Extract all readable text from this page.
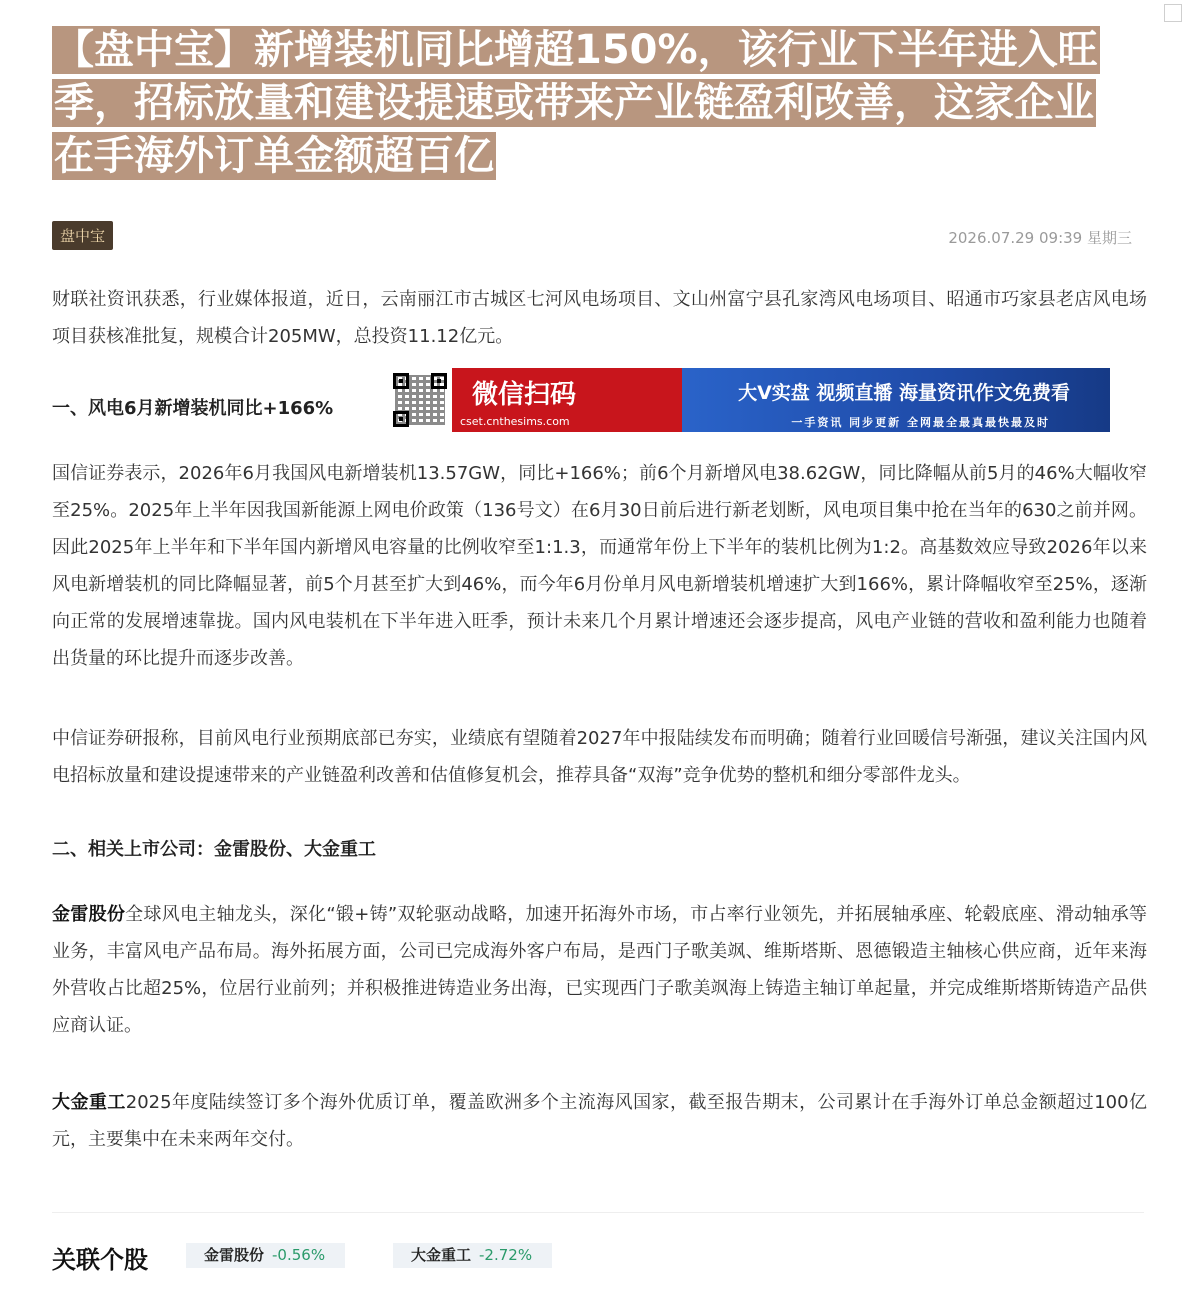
【盘中宝】新增装机同比增超150%，该行业下半年进入旺
季，招标放量和建设提速或带来产业链盈利改善，这家企业
在手海外订单金额超百亿
盘中宝	2026.07.29 09:39 星期三
财联社资讯获悉，行业媒体报道，近日，云南丽江市古城区七河风电场项目、文山州富宁县孔家湾风电场项目、昭通市巧家县老店风电场项目获核准批复，规模合计205MW，总投资11.12亿元。
一、风电6月新增装机同比+166%	微信扫码
cset.cnthesims.com
大V实盘 视频直播 海量资讯作文免费看
一手资讯 同步更新 全网最全最真最快最及时
国信证券表示，2026年6月我国风电新增装机13.57GW，同比+166%；前6个月新增风电38.62GW，同比降幅从前5月的46%大幅收窄至25%。2025年上半年因我国新能源上网电价政策（136号文）在6月30日前后进行新老划断，风电项目集中抢在当年的630之前并网。因此2025年上半年和下半年国内新增风电容量的比例收窄至1:1.3，而通常年份上下半年的装机比例为1:2。高基数效应导致2026年以来风电新增装机的同比降幅显著，前5个月甚至扩大到46%，而今年6月份单月风电新增装机增速扩大到166%，累计降幅收窄至25%，逐渐向正常的发展增速靠拢。国内风电装机在下半年进入旺季，预计未来几个月累计增速还会逐步提高，风电产业链的营收和盈利能力也随着出货量的环比提升而逐步改善。
中信证券研报称，目前风电行业预期底部已夯实，业绩底有望随着2027年中报陆续发布而明确；随着行业回暖信号渐强，建议关注国内风电招标放量和建设提速带来的产业链盈利改善和估值修复机会，推荐具备“双海”竞争优势的整机和细分零部件龙头。
二、相关上市公司：金雷股份、大金重工
金雷股份全球风电主轴龙头，深化“锻+铸”双轮驱动战略，加速开拓海外市场，市占率行业领先，并拓展轴承座、轮毂底座、滑动轴承等业务，丰富风电产品布局。海外拓展方面，公司已完成海外客户布局，是西门子歌美飒、维斯塔斯、恩德锻造主轴核心供应商，近年来海外营收占比超25%，位居行业前列；并积极推进铸造业务出海，已实现西门子歌美飒海上铸造主轴订单起量，并完成维斯塔斯铸造产品供应商认证。
大金重工2025年度陆续签订多个海外优质订单，覆盖欧洲多个主流海风国家，截至报告期末，公司累计在手海外订单总金额超过100亿元，主要集中在未来两年交付。
关联个股	金雷股份 -0.56%	大金重工 -2.72%
